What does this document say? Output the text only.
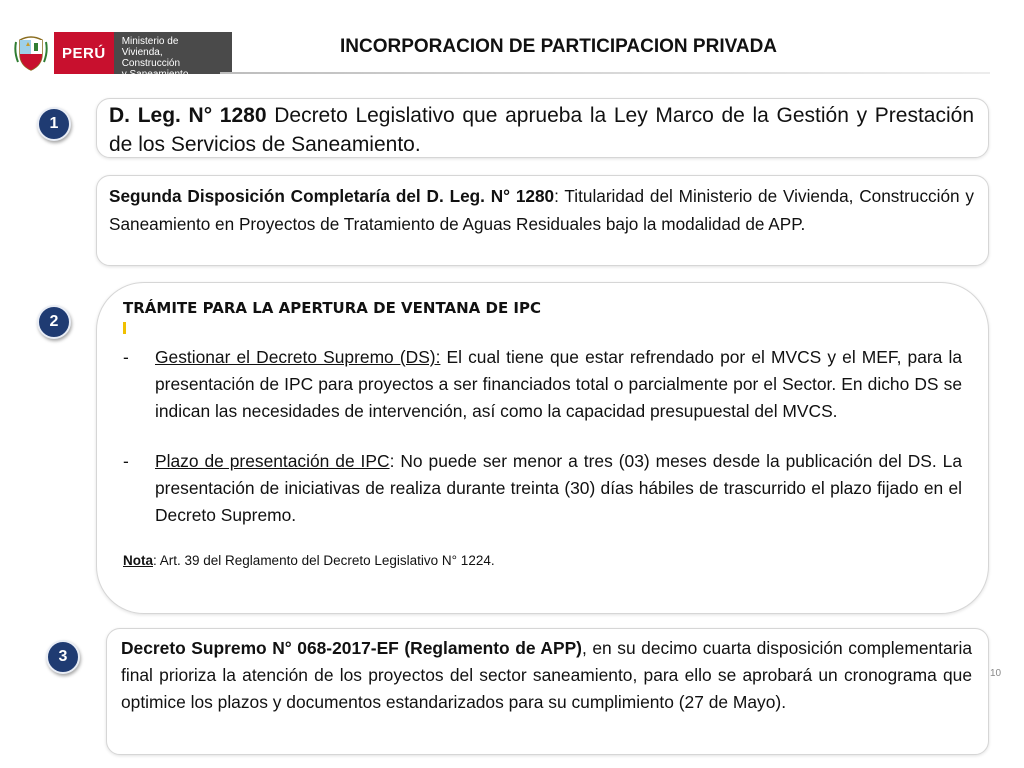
PERÚ
Ministerio de
Vivienda, Construcción
y Saneamiento
INCORPORACION DE PARTICIPACION PRIVADA
1
2
3
D. Leg. N° 1280 Decreto Legislativo que aprueba la Ley Marco de la Gestión y Prestación de los Servicios de Saneamiento.
Segunda Disposición Completaría del D. Leg. N° 1280: Titularidad del Ministerio de Vivienda, Construcción y Saneamiento en Proyectos de Tratamiento de Aguas Residuales bajo la modalidad de APP.
TRÁMITE PARA LA APERTURA DE VENTANA DE IPC
- Gestionar el Decreto Supremo (DS): El cual tiene que estar refrendado por el MVCS y el MEF, para la presentación de IPC para proyectos a ser financiados total o parcialmente por el Sector. En dicho DS se indican las necesidades de intervención, así como la capacidad presupuestal del MVCS.
- Plazo de presentación de IPC: No puede ser menor a tres (03) meses desde la publicación del DS. La presentación de iniciativas de realiza durante treinta (30) días hábiles de trascurrido el plazo fijado en el Decreto Supremo.
Nota: Art. 39 del Reglamento del Decreto Legislativo N° 1224.
Decreto Supremo N° 068-2017-EF (Reglamento de APP), en su decimo cuarta disposición complementaria final prioriza la atención de los proyectos del sector saneamiento, para ello se aprobará un cronograma que optimice los plazos y documentos estandarizados para su cumplimiento (27 de Mayo).
10
